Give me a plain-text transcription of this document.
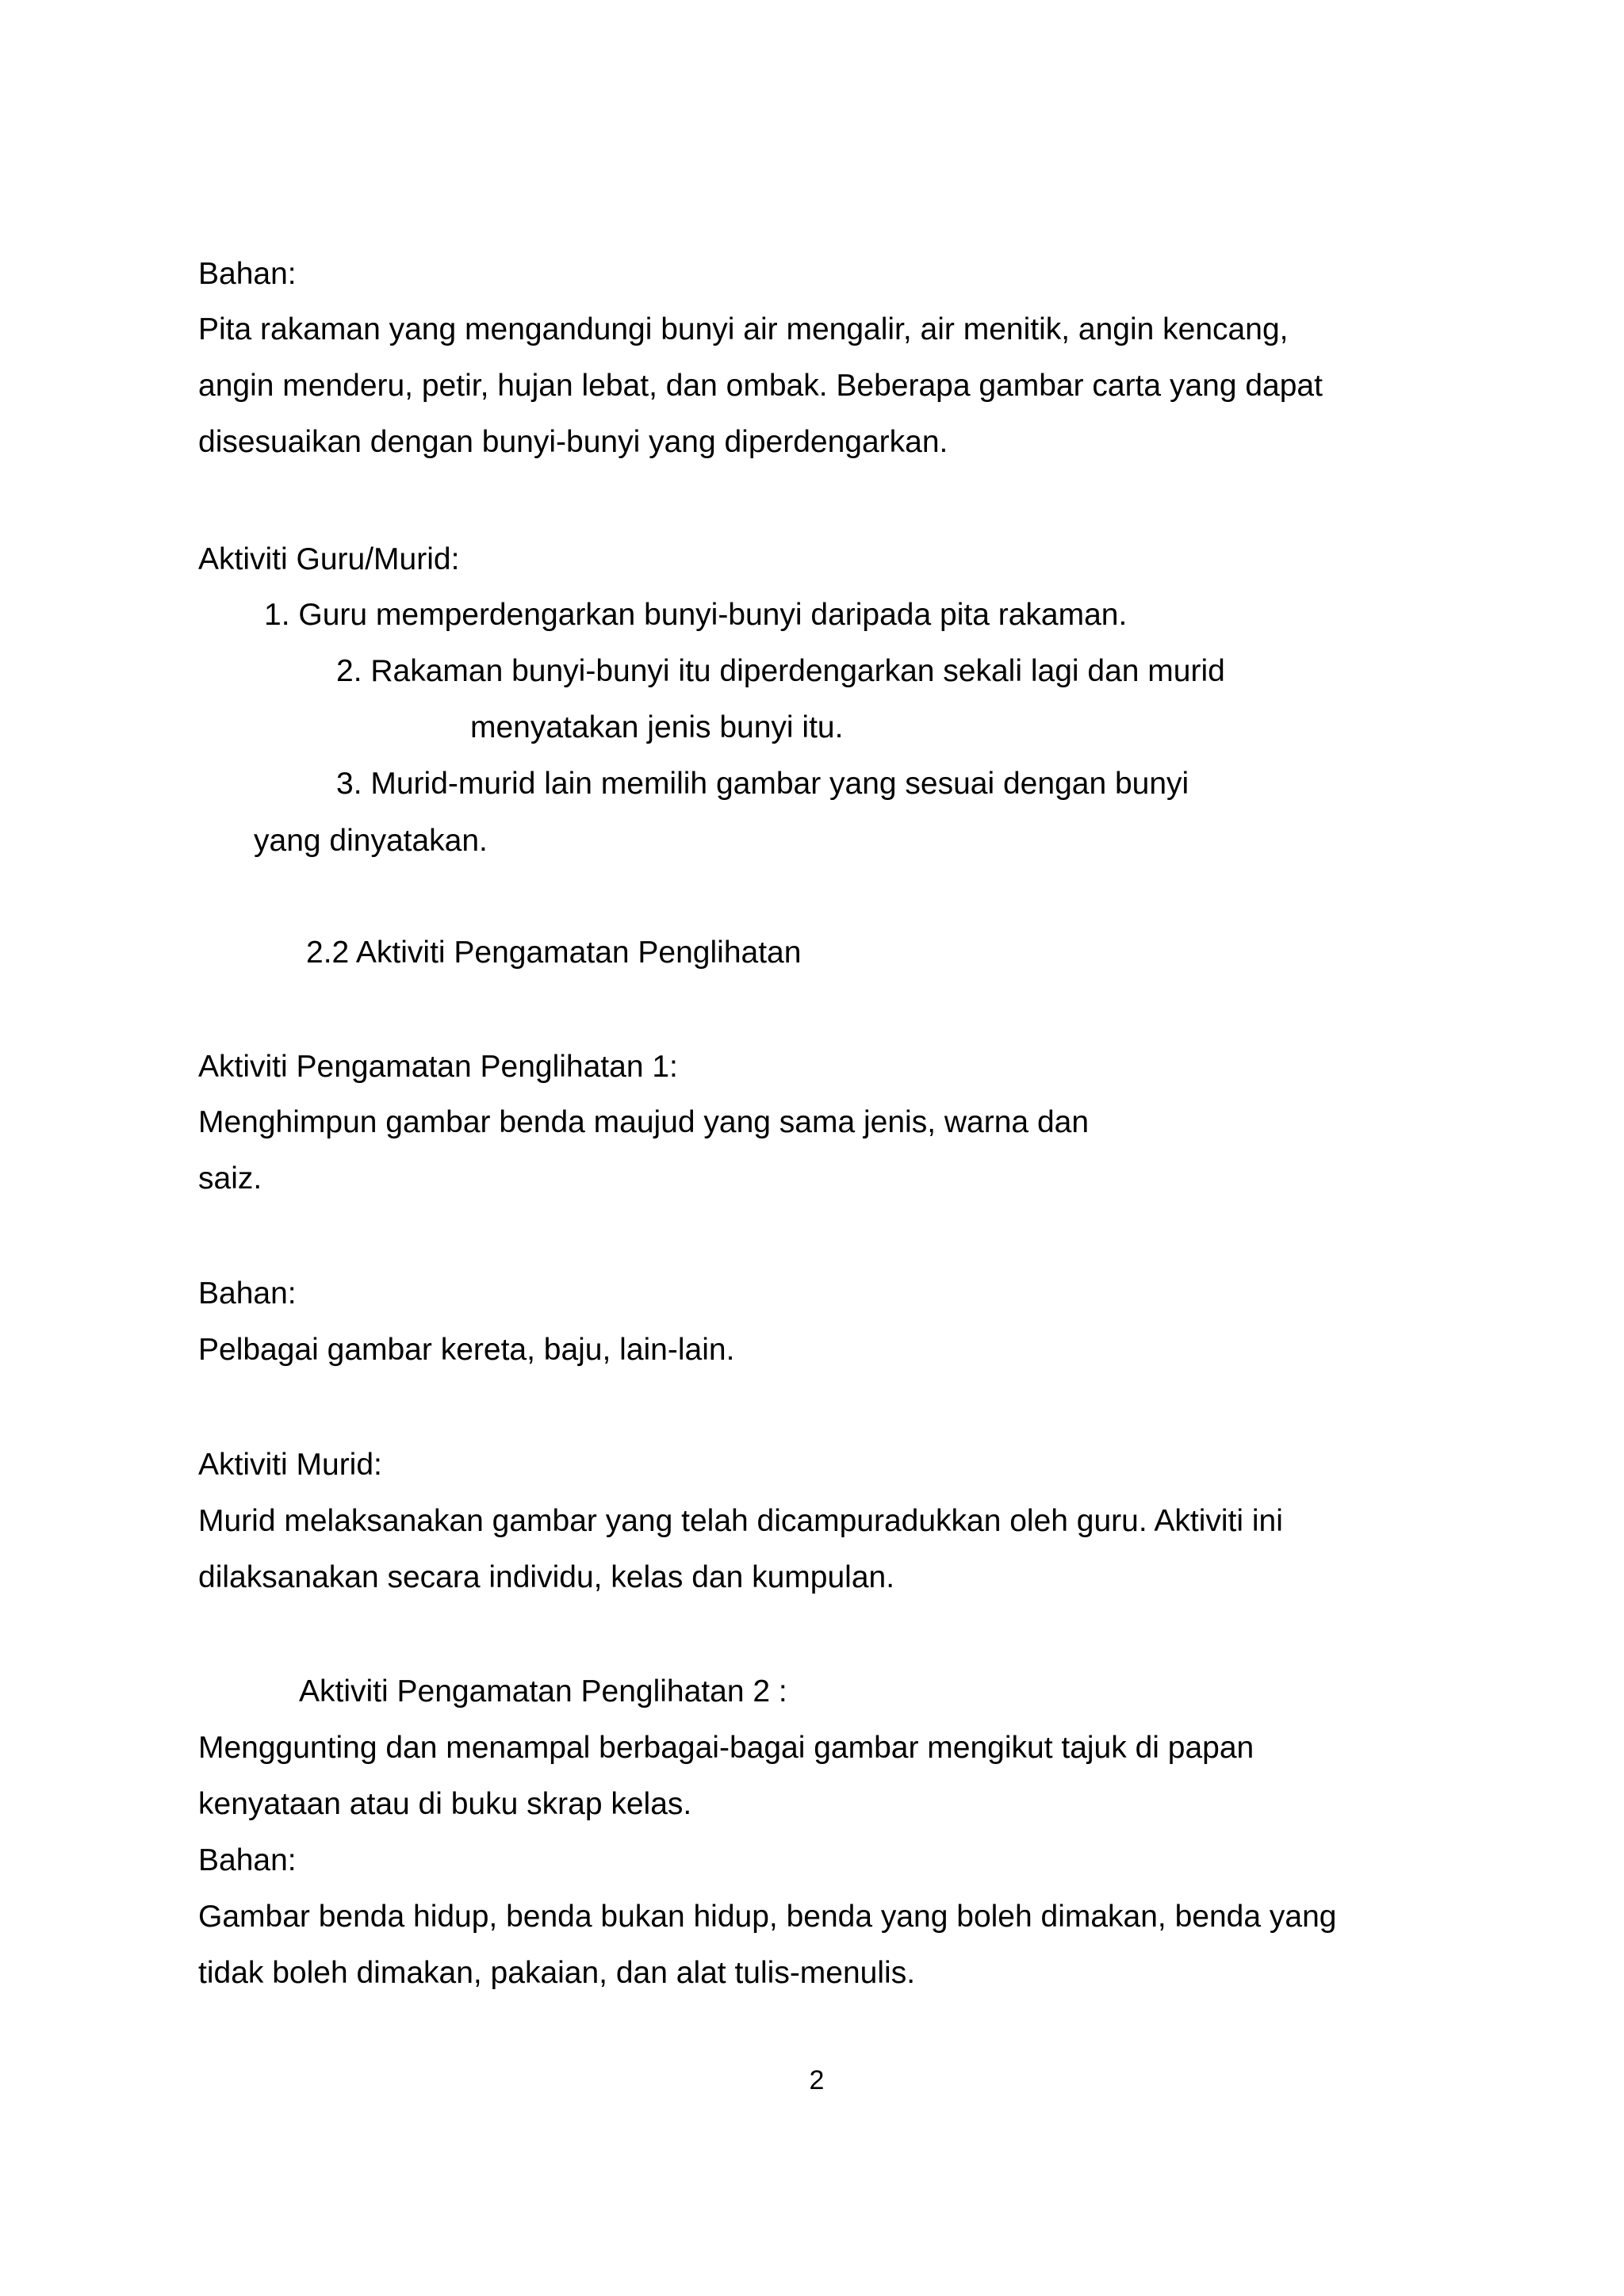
Bahan:
Pita rakaman yang mengandungi bunyi air mengalir, air menitik, angin kencang,
angin menderu, petir, hujan lebat, dan ombak. Beberapa gambar carta yang dapat
disesuaikan dengan bunyi-bunyi yang diperdengarkan.
Aktiviti Guru/Murid:
1. Guru memperdengarkan bunyi-bunyi daripada pita rakaman.
2. Rakaman bunyi-bunyi itu diperdengarkan sekali lagi dan murid
menyatakan jenis bunyi itu.
3. Murid-murid lain memilih gambar yang sesuai dengan bunyi
yang dinyatakan.
2.2 Aktiviti Pengamatan Penglihatan
Aktiviti Pengamatan Penglihatan 1:
Menghimpun gambar benda maujud yang sama jenis, warna dan
saiz.
Bahan:
Pelbagai gambar kereta, baju, lain-lain.
Aktiviti Murid:
Murid melaksanakan gambar yang telah dicampuradukkan oleh guru. Aktiviti ini
dilaksanakan secara individu, kelas dan kumpulan.
Aktiviti Pengamatan Penglihatan 2 :
Menggunting dan menampal berbagai-bagai gambar mengikut tajuk di papan
kenyataan atau di buku skrap kelas.
Bahan:
Gambar benda hidup, benda bukan hidup, benda yang boleh dimakan, benda yang
tidak boleh dimakan, pakaian, dan alat tulis-menulis.
2
